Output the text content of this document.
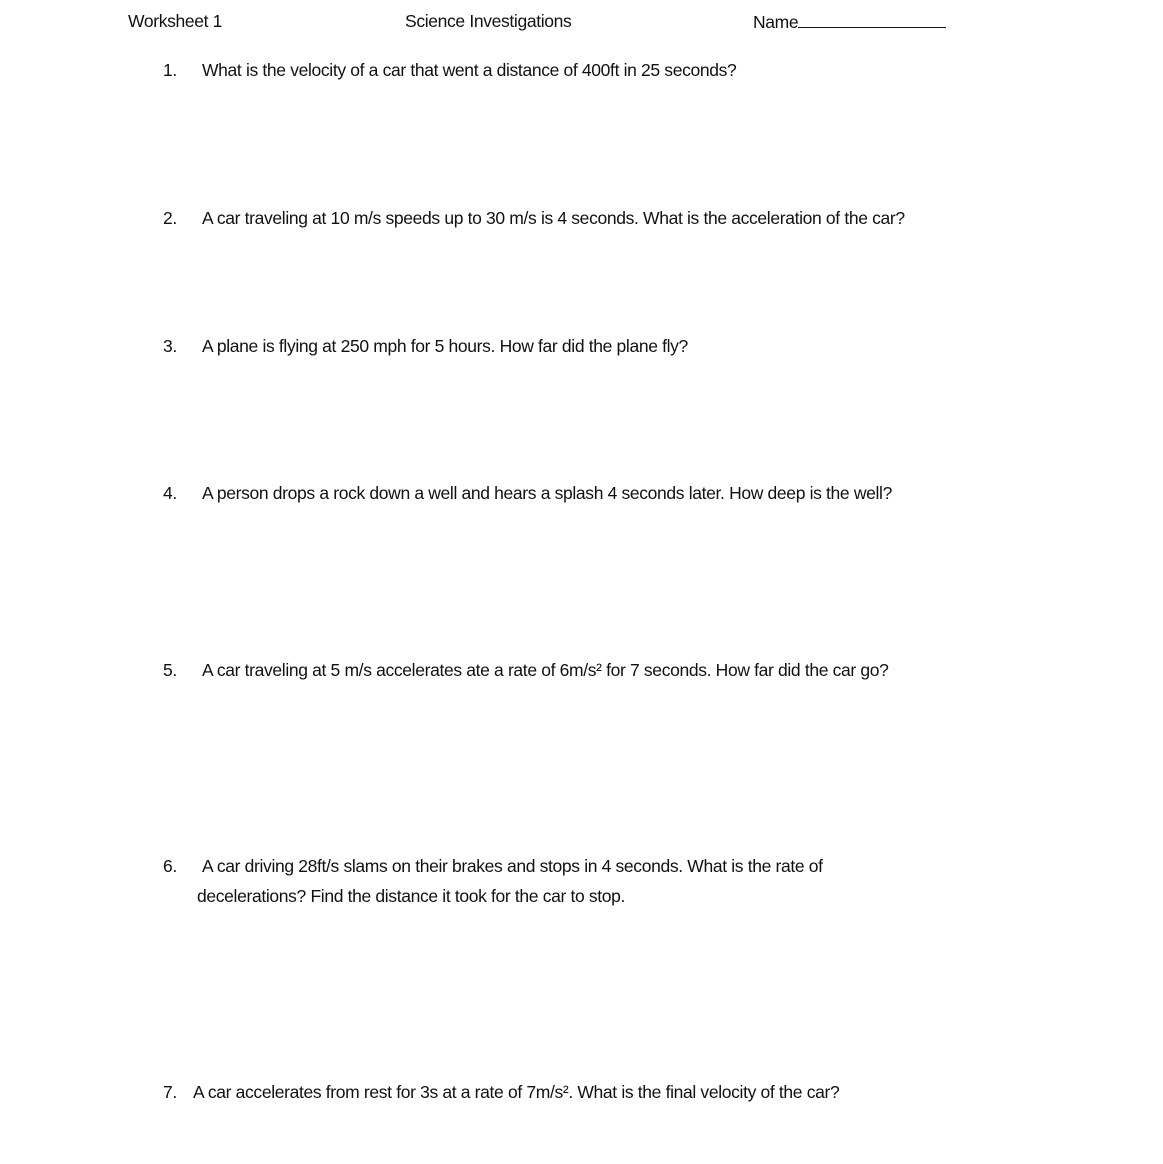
Worksheet 1	Science Investigations	Name
1. What is the velocity of a car that went a distance of 400ft in 25 seconds?
2. A car traveling at 10 m/s speeds up to 30 m/s is 4 seconds. What is the acceleration of the car?
3. A plane is flying at 250 mph for 5 hours. How far did the plane fly?
4. A person drops a rock down a well and hears a splash 4 seconds later. How deep is the well?
5. A car traveling at 5 m/s accelerates ate a rate of 6m/s² for 7 seconds. How far did the car go?
6. A car driving 28ft/s slams on their brakes and stops in 4 seconds. What is the rate of
decelerations? Find the distance it took for the car to stop.
7. A car accelerates from rest for 3s at a rate of 7m/s². What is the final velocity of the car?
